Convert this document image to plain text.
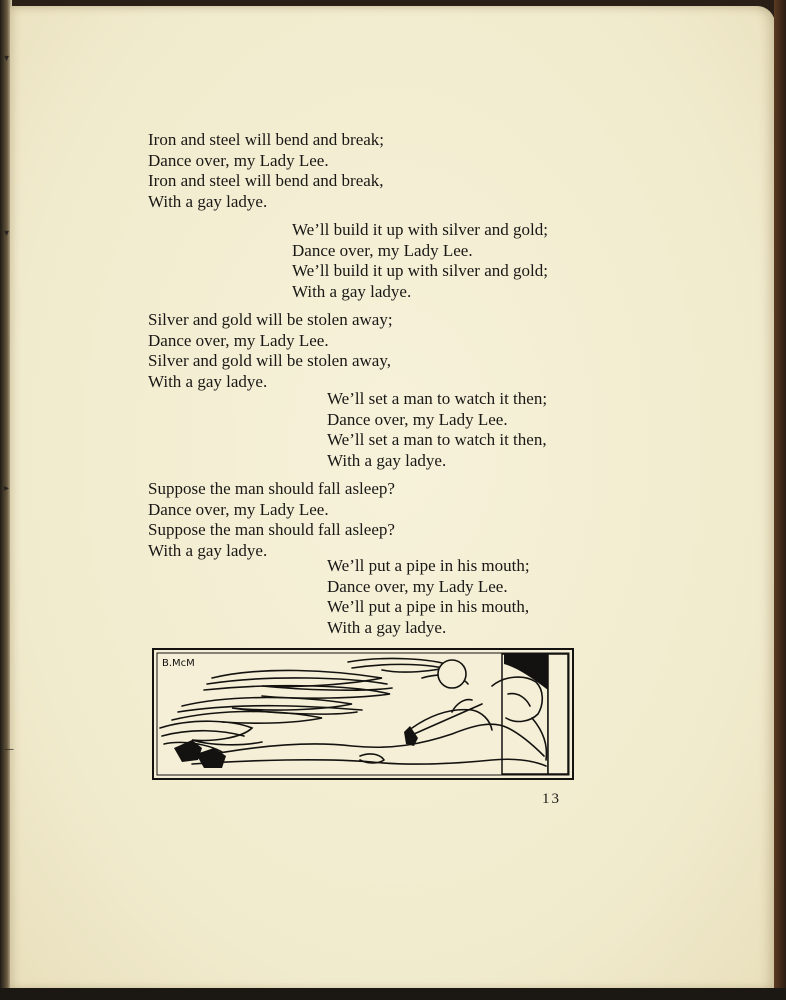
Iron and steel will bend and break;
Dance over, my Lady Lee.
Iron and steel will bend and break,
With a gay ladye.
We’ll build it up with silver and gold;
Dance over, my Lady Lee.
We’ll build it up with silver and gold;
With a gay ladye.
Silver and gold will be stolen away;
Dance over, my Lady Lee.
Silver and gold will be stolen away,
With a gay ladye.
We’ll set a man to watch it then;
Dance over, my Lady Lee.
We’ll set a man to watch it then,
With a gay ladye.
Suppose the man should fall asleep?
Dance over, my Lady Lee.
Suppose the man should fall asleep?
With a gay ladye.
We’ll put a pipe in his mouth;
Dance over, my Lady Lee.
We’ll put a pipe in his mouth,
With a gay ladye.
13
B.McM
▾
▾
▸
—
